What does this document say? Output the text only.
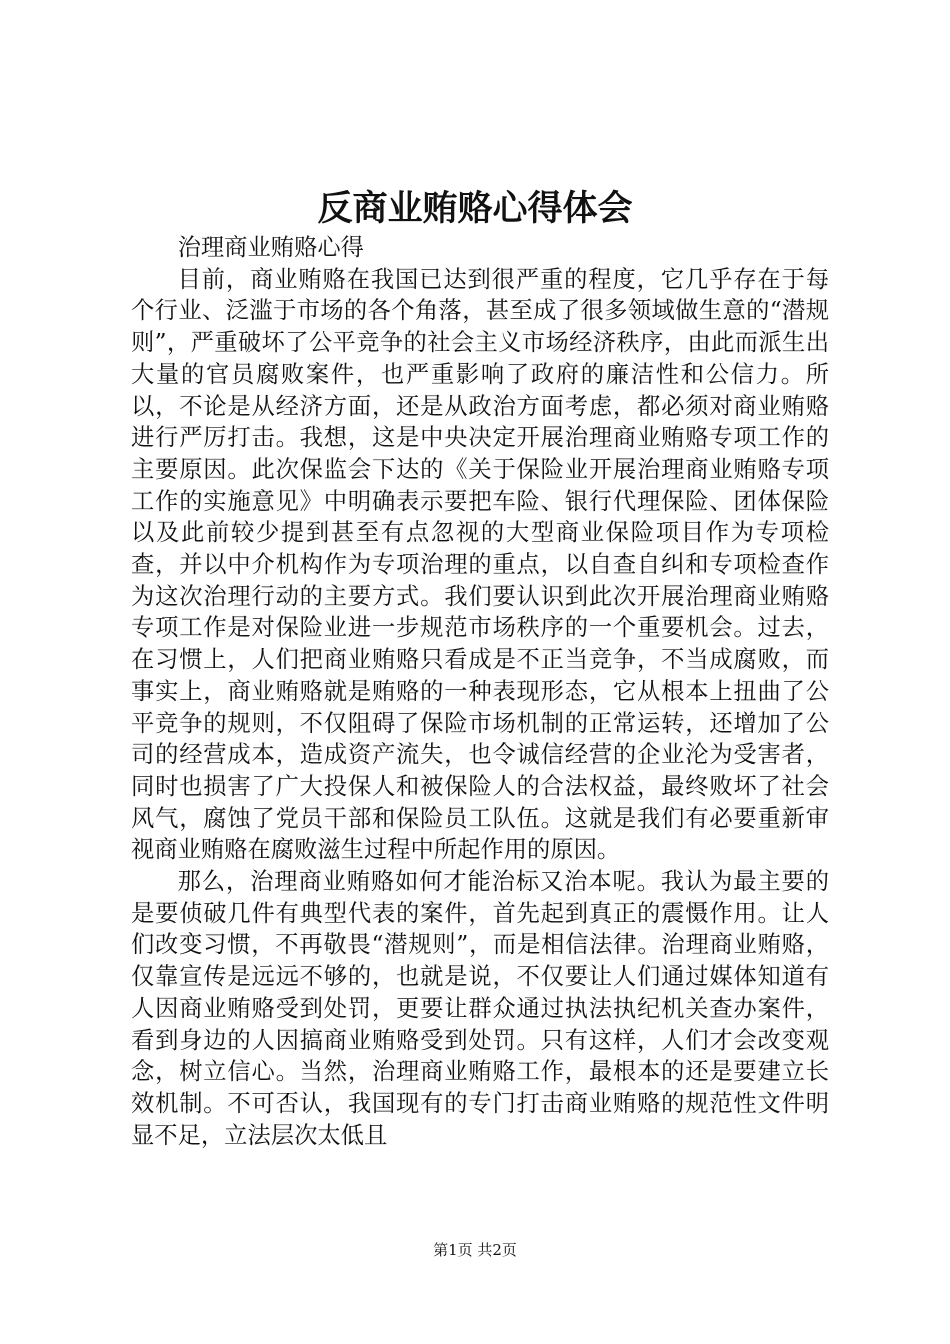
反商业贿赂心得体会
治理商业贿赂心得

目前，商业贿赂在我国已达到很严重的程度，它几乎存在于每个行业、泛滥于市场的各个角落，甚至成了很多领域做生意的“潜规则”，严重破坏了公平竞争的社会主义市场经济秩序，由此而派生出大量的官员腐败案件，也严重影响了政府的廉洁性和公信力。所以，不论是从经济方面，还是从政治方面考虑，都必须对商业贿赂进行严厉打击。我想，这是中央决定开展治理商业贿赂专项工作的主要原因。此次保监会下达的《关于保险业开展治理商业贿赂专项工作的实施意见》中明确表示要把车险、银行代理保险、团体保险以及此前较少提到甚至有点忽视的大型商业保险项目作为专项检查，并以中介机构作为专项治理的重点，以自查自纠和专项检查作为这次治理行动的主要方式。我们要认识到此次开展治理商业贿赂专项工作是对保险业进一步规范市场秩序的一个重要机会。过去，在习惯上，人们把商业贿赂只看成是不正当竞争，不当成腐败，而事实上，商业贿赂就是贿赂的一种表现形态，它从根本上扭曲了公平竞争的规则，不仅阻碍了保险市场机制的正常运转，还增加了公司的经营成本，造成资产流失，也令诚信经营的企业沦为受害者，同时也损害了广大投保人和被保险人的合法权益，最终败坏了社会风气，腐蚀了党员干部和保险员工队伍。这就是我们有必要重新审视商业贿赂在腐败滋生过程中所起作用的原因。

那么，治理商业贿赂如何才能治标又治本呢。我认为最主要的是要侦破几件有典型代表的案件，首先起到真正的震慑作用。让人们改变习惯，不再敬畏“潜规则”，而是相信法律。治理商业贿赂，仅靠宣传是远远不够的，也就是说，不仅要让人们通过媒体知道有人因商业贿赂受到处罚，更要让群众通过执法执纪机关查办案件，看到身边的人因搞商业贿赂受到处罚。只有这样，人们才会改变观念，树立信心。当然，治理商业贿赂工作，最根本的还是要建立长效机制。不可否认，我国现有的专门打击商业贿赂的规范性文件明显不足，立法层次太低且

第1页 共2页
